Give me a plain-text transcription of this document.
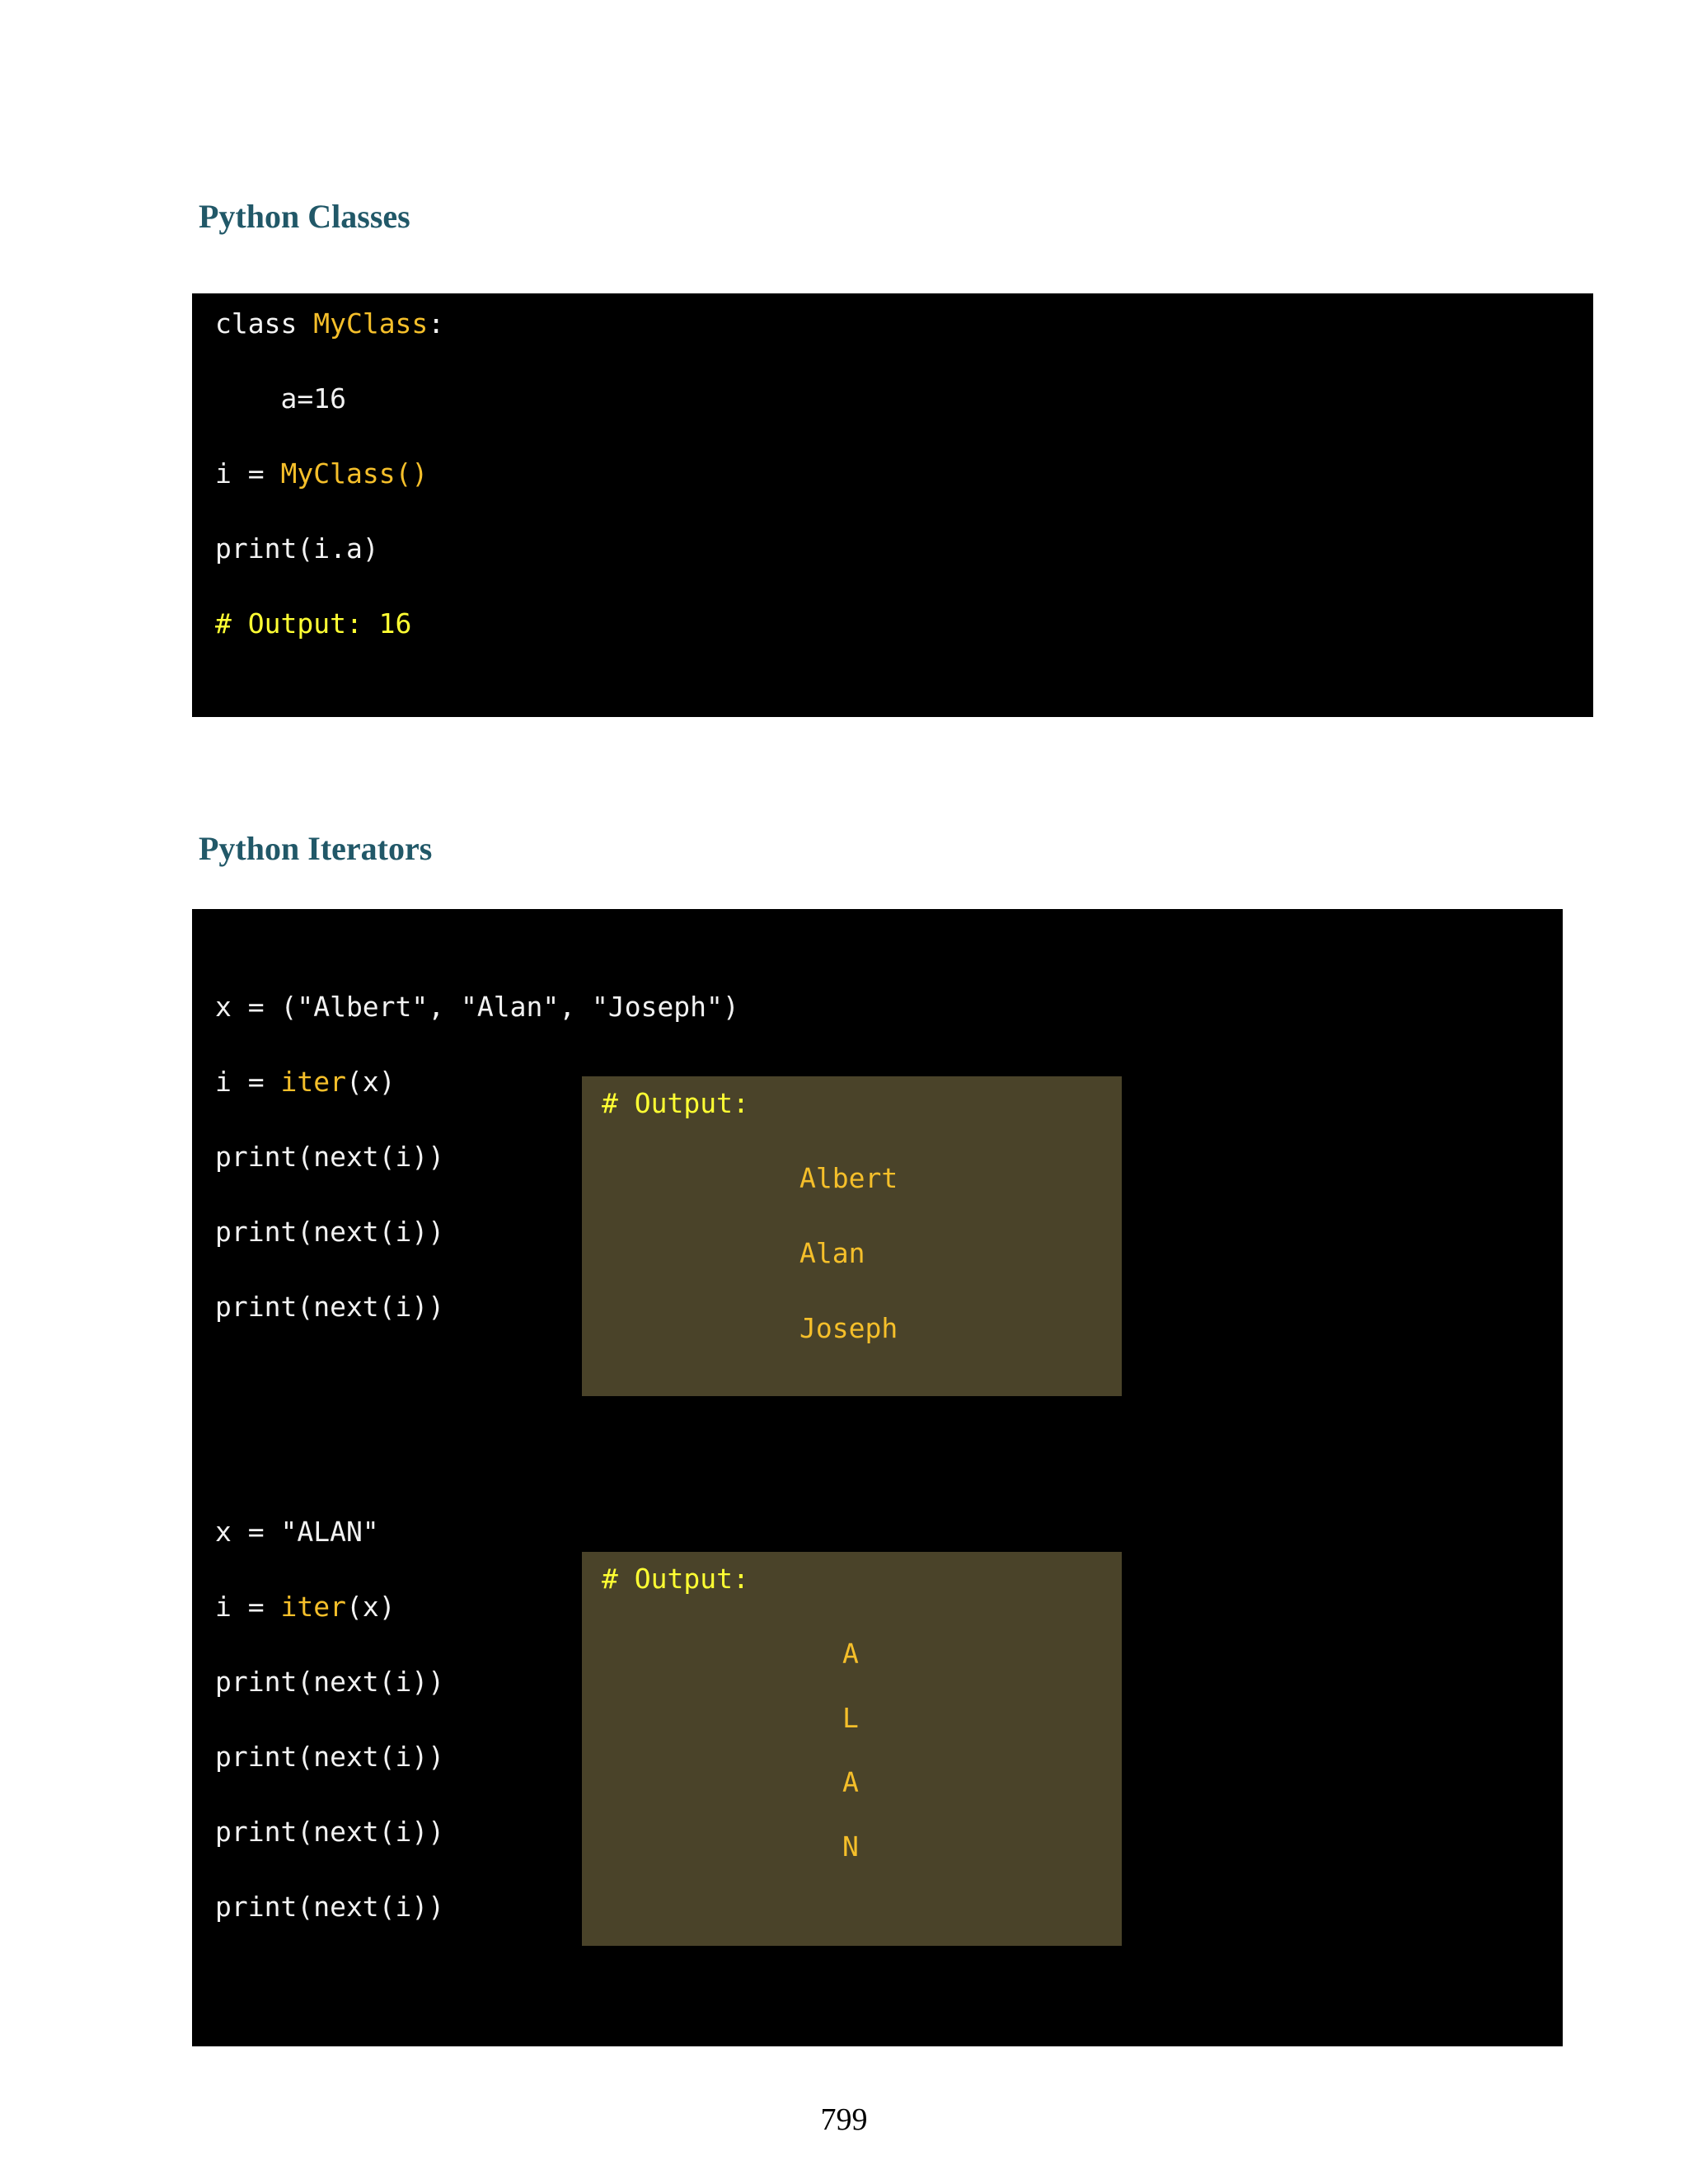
Python Classes
class MyClass:
a=16
i = MyClass()
print(i.a)
# Output: 16
Python Iterators
x = ("Albert", "Alan", "Joseph")
i = iter(x)
print(next(i))
print(next(i))
print(next(i))
# Output:
Albert
Alan
Joseph
x = "ALAN"
i = iter(x)
print(next(i))
print(next(i))
print(next(i))
print(next(i))
# Output:
A
L
A
N
799
